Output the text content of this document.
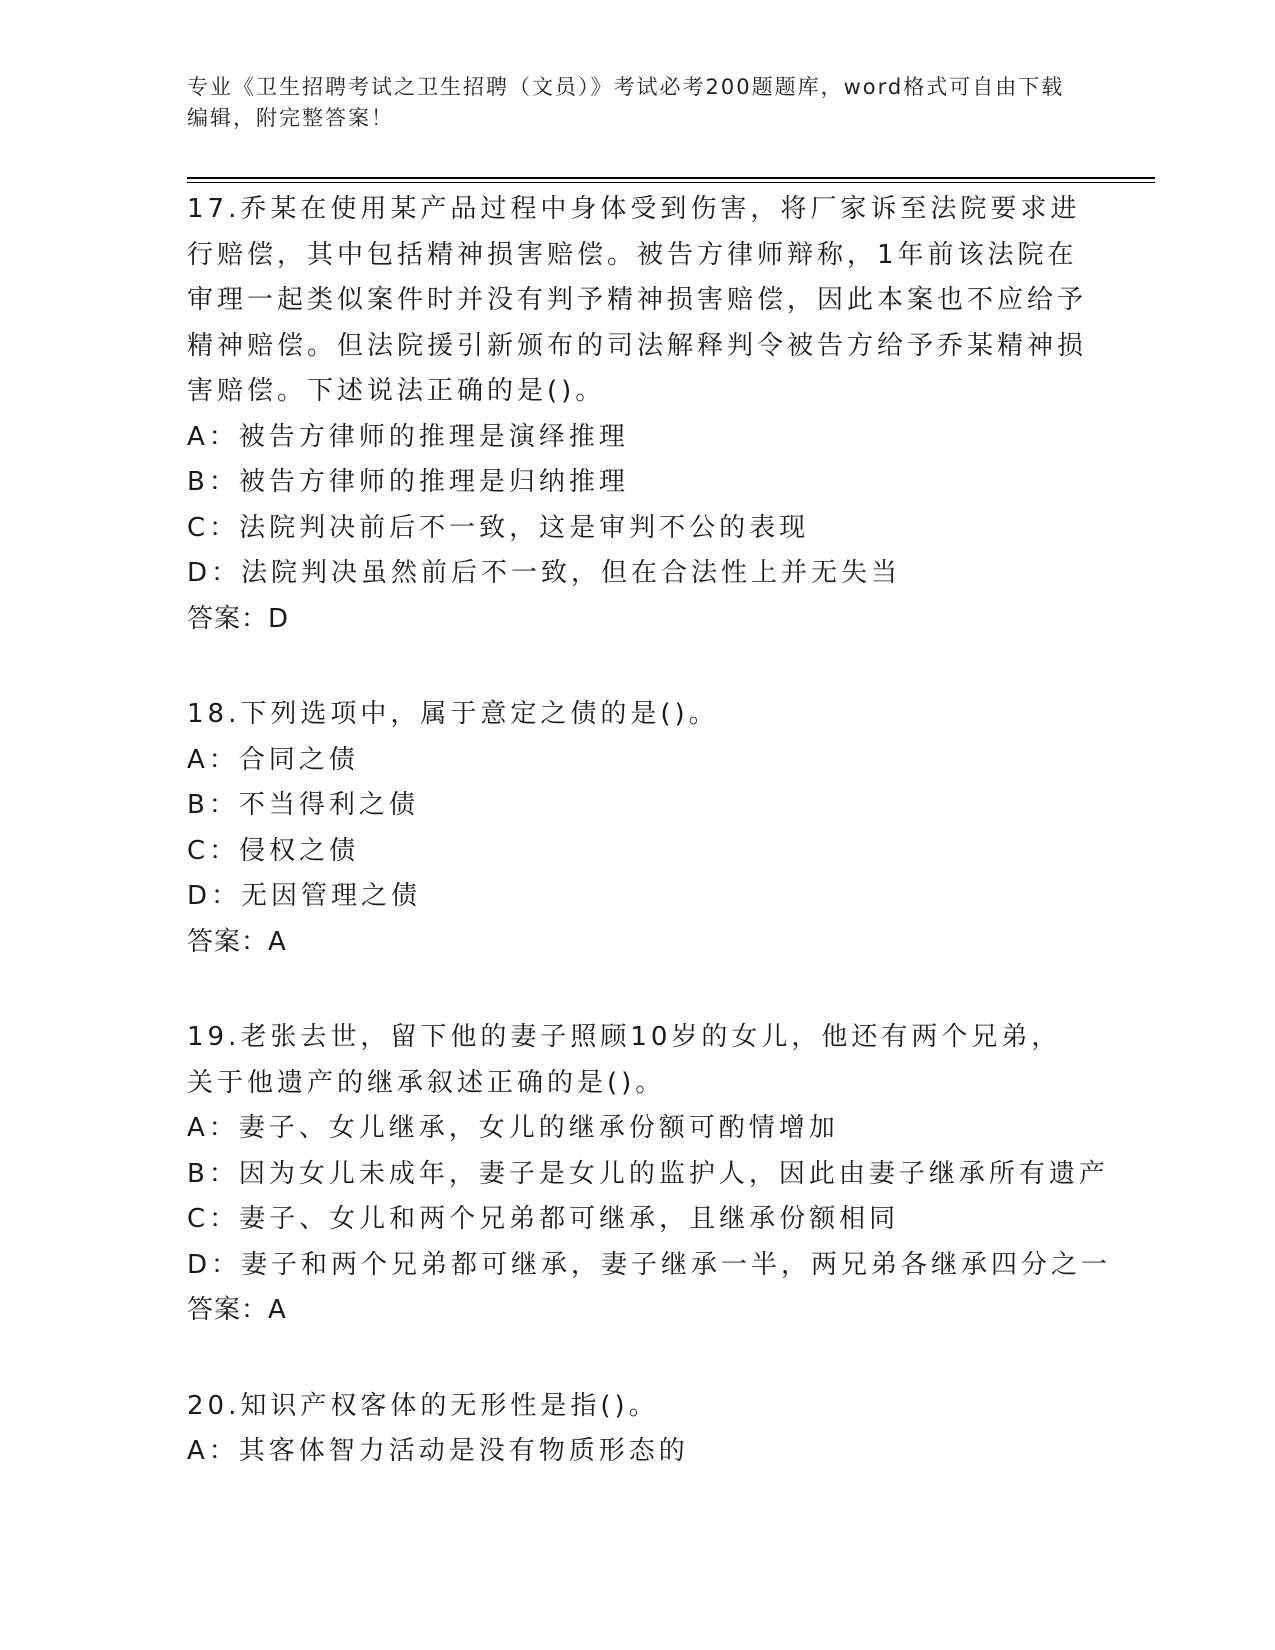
专业《卫生招聘考试之卫生招聘（文员）》考试必考200题题库，word格式可自由下载编辑，附完整答案！

17.乔某在使用某产品过程中身体受到伤害，将厂家诉至法院要求进行赔偿，其中包括精神损害赔偿。被告方律师辩称，1年前该法院在审理一起类似案件时并没有判予精神损害赔偿，因此本案也不应给予精神赔偿。但法院援引新颁布的司法解释判令被告方给予乔某精神损害赔偿。下述说法正确的是()。

A：被告方律师的推理是演绎推理

B：被告方律师的推理是归纳推理

C：法院判决前后不一致，这是审判不公的表现

D：法院判决虽然前后不一致，但在合法性上并无失当

答案：D

18.下列选项中，属于意定之债的是()。

A：合同之债

B：不当得利之债

C：侵权之债

D：无因管理之债

答案：A

19.老张去世，留下他的妻子照顾10岁的女儿，他还有两个兄弟，关于他遗产的继承叙述正确的是()。

A：妻子、女儿继承，女儿的继承份额可酌情增加

B：因为女儿未成年，妻子是女儿的监护人，因此由妻子继承所有遗产

C：妻子、女儿和两个兄弟都可继承，且继承份额相同

D：妻子和两个兄弟都可继承，妻子继承一半，两兄弟各继承四分之一

答案：A

20.知识产权客体的无形性是指()。

A：其客体智力活动是没有物质形态的
